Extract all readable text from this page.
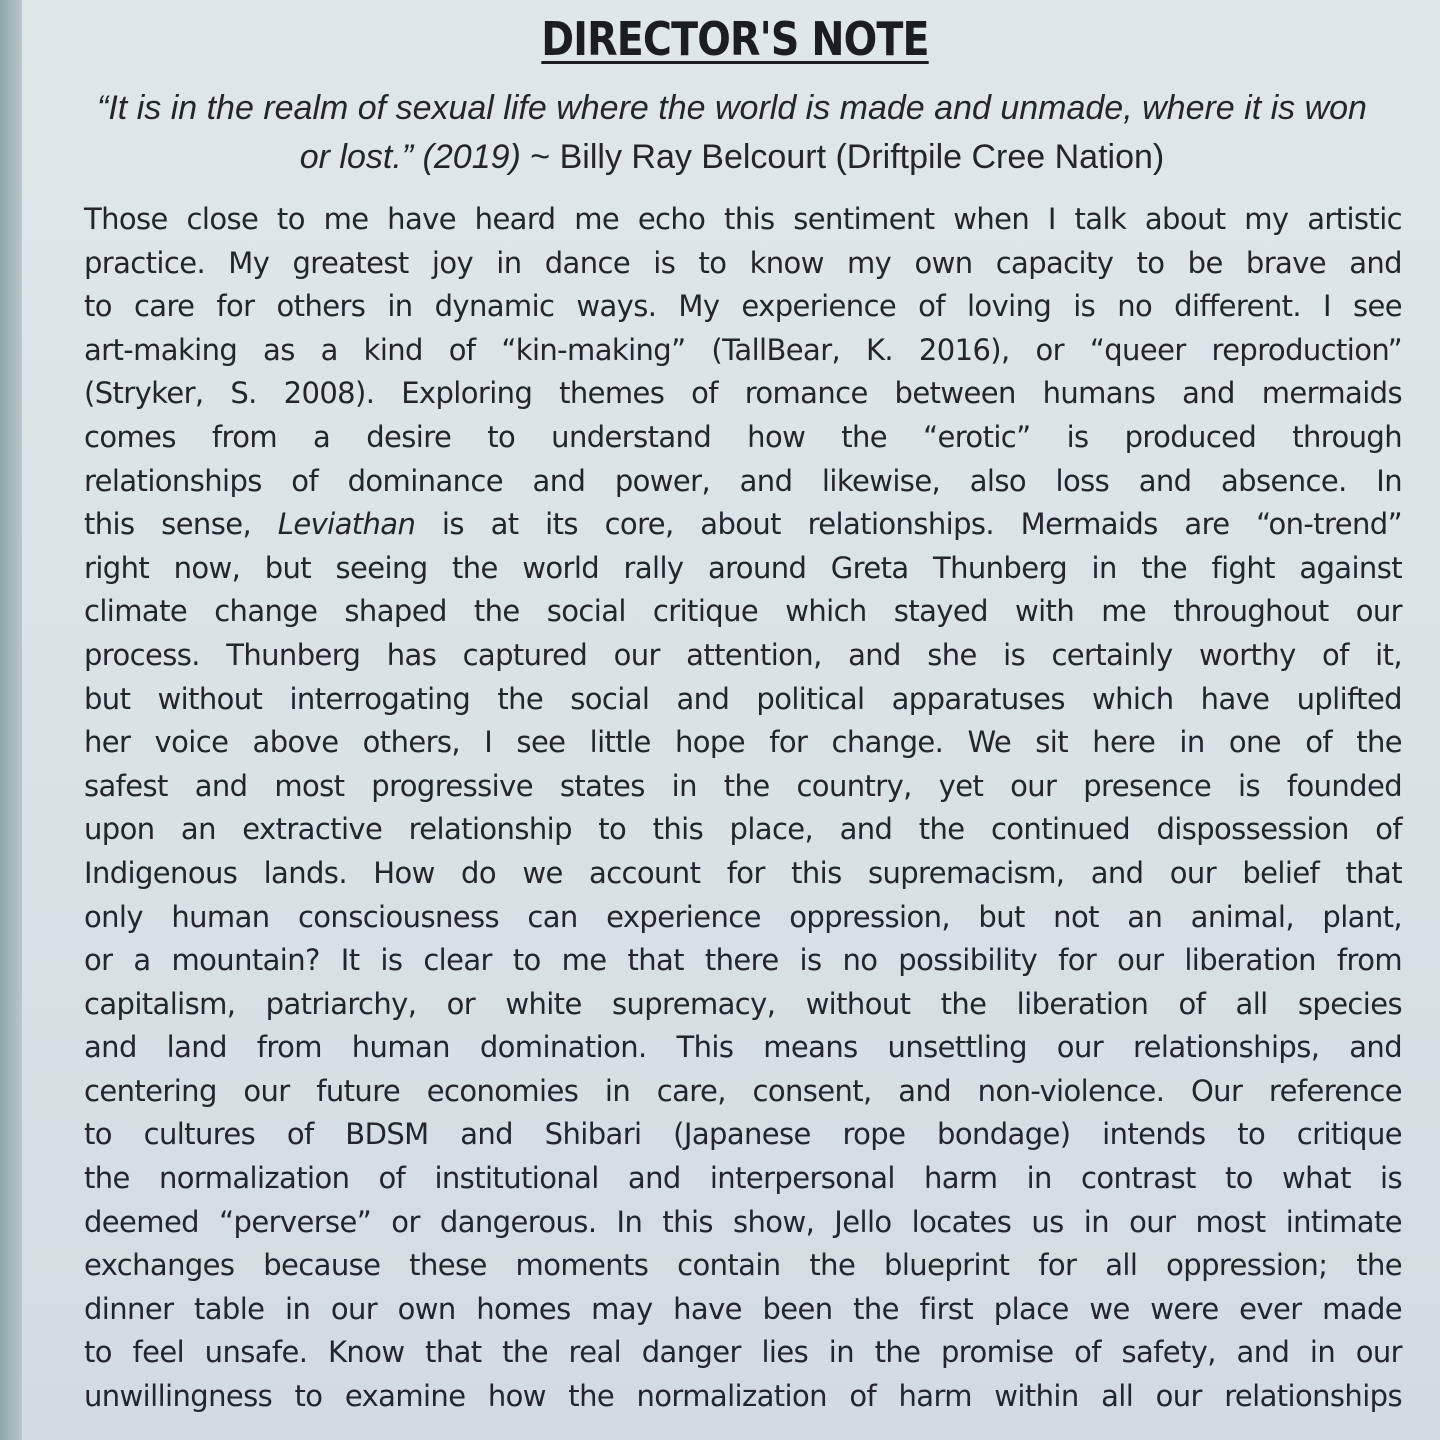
DIRECTOR'S NOTE
“It is in the realm of sexual life where the world is made and unmade, where it is won or lost.” (2019) ~ Billy Ray Belcourt (Driftpile Cree Nation)
Those close to me have heard me echo this sentiment when I talk about my artistic
practice. My greatest joy in dance is to know my own capacity to be brave and
to care for others in dynamic ways. My experience of loving is no different. I see
art-making as a kind of “kin-making” (TallBear, K. 2016), or “queer reproduction”
(Stryker, S. 2008). Exploring themes of romance between humans and mermaids
comes from a desire to understand how the “erotic” is produced through
relationships of dominance and power, and likewise, also loss and absence. In
this sense, Leviathan is at its core, about relationships. Mermaids are “on-trend”
right now, but seeing the world rally around Greta Thunberg in the fight against
climate change shaped the social critique which stayed with me throughout our
process. Thunberg has captured our attention, and she is certainly worthy of it,
but without interrogating the social and political apparatuses which have uplifted
her voice above others, I see little hope for change. We sit here in one of the
safest and most progressive states in the country, yet our presence is founded
upon an extractive relationship to this place, and the continued dispossession of
Indigenous lands. How do we account for this supremacism, and our belief that
only human consciousness can experience oppression, but not an animal, plant,
or a mountain? It is clear to me that there is no possibility for our liberation from
capitalism, patriarchy, or white supremacy, without the liberation of all species
and land from human domination. This means unsettling our relationships, and
centering our future economies in care, consent, and non-violence. Our reference
to cultures of BDSM and Shibari (Japanese rope bondage) intends to critique
the normalization of institutional and interpersonal harm in contrast to what is
deemed “perverse” or dangerous. In this show, Jello locates us in our most intimate
exchanges because these moments contain the blueprint for all oppression; the
dinner table in our own homes may have been the first place we were ever made
to feel unsafe. Know that the real danger lies in the promise of safety, and in our
unwillingness to examine how the normalization of harm within all our relationships
